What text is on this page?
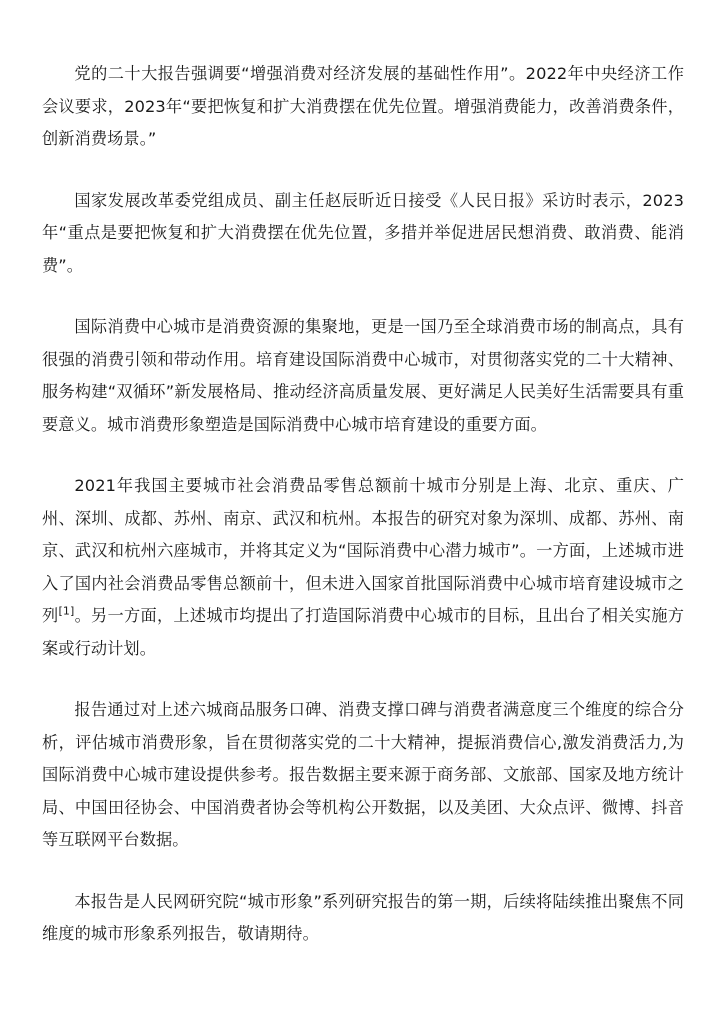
党的二十大报告强调要“增强消费对经济发展的基础性作用”。2022年中央经济工作会议要求，2023年“要把恢复和扩大消费摆在优先位置。增强消费能力，改善消费条件，创新消费场景。”

国家发展改革委党组成员、副主任赵辰昕近日接受《人民日报》采访时表示，2023年“重点是要把恢复和扩大消费摆在优先位置，多措并举促进居民想消费、敢消费、能消费”。

国际消费中心城市是消费资源的集聚地，更是一国乃至全球消费市场的制高点，具有很强的消费引领和带动作用。培育建设国际消费中心城市，对贯彻落实党的二十大精神、服务构建“双循环”新发展格局、推动经济高质量发展、更好满足人民美好生活需要具有重要意义。城市消费形象塑造是国际消费中心城市培育建设的重要方面。

2021年我国主要城市社会消费品零售总额前十城市分别是上海、北京、重庆、广州、深圳、成都、苏州、南京、武汉和杭州。本报告的研究对象为深圳、成都、苏州、南京、武汉和杭州六座城市，并将其定义为“国际消费中心潜力城市”。一方面，上述城市进入了国内社会消费品零售总额前十，但未进入国家首批国际消费中心城市培育建设城市之列[1]。另一方面，上述城市均提出了打造国际消费中心城市的目标，且出台了相关实施方案或行动计划。

报告通过对上述六城商品服务口碑、消费支撑口碑与消费者满意度三个维度的综合分析，评估城市消费形象，旨在贯彻落实党的二十大精神，提振消费信心,激发消费活力,为国际消费中心城市建设提供参考。报告数据主要来源于商务部、文旅部、国家及地方统计局、中国田径协会、中国消费者协会等机构公开数据，以及美团、大众点评、微博、抖音等互联网平台数据。

本报告是人民网研究院“城市形象”系列研究报告的第一期，后续将陆续推出聚焦不同维度的城市形象系列报告，敬请期待。
